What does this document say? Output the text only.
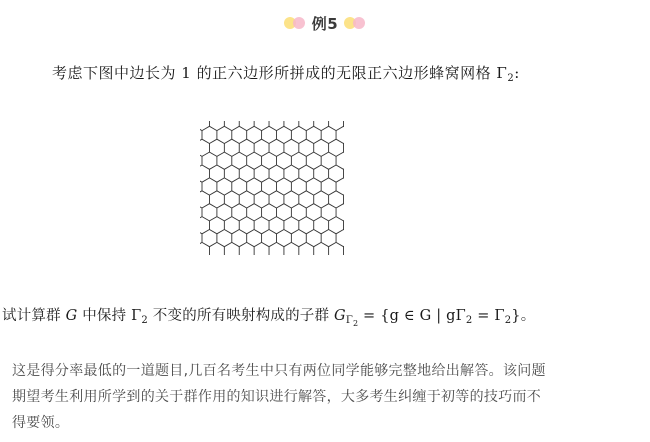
例5
考虑下图中边长为 1 的正六边形所拼成的无限正六边形蜂窝网格 $\Gamma_2$:
试计算群 G 中保持 $\Gamma_2$ 不变的所有映射构成的子群 $G_{\Gamma_2} = \{g$ ∈ G | $g\Gamma_2 = \Gamma_2$}。
这是得分率最低的一道题目,几百名考生中只有两位同学能够完整地给出解答。该问题
期望考生利用所学到的关于群作用的知识进行解答，大多考生纠缠于初等的技巧而不
得要领。
